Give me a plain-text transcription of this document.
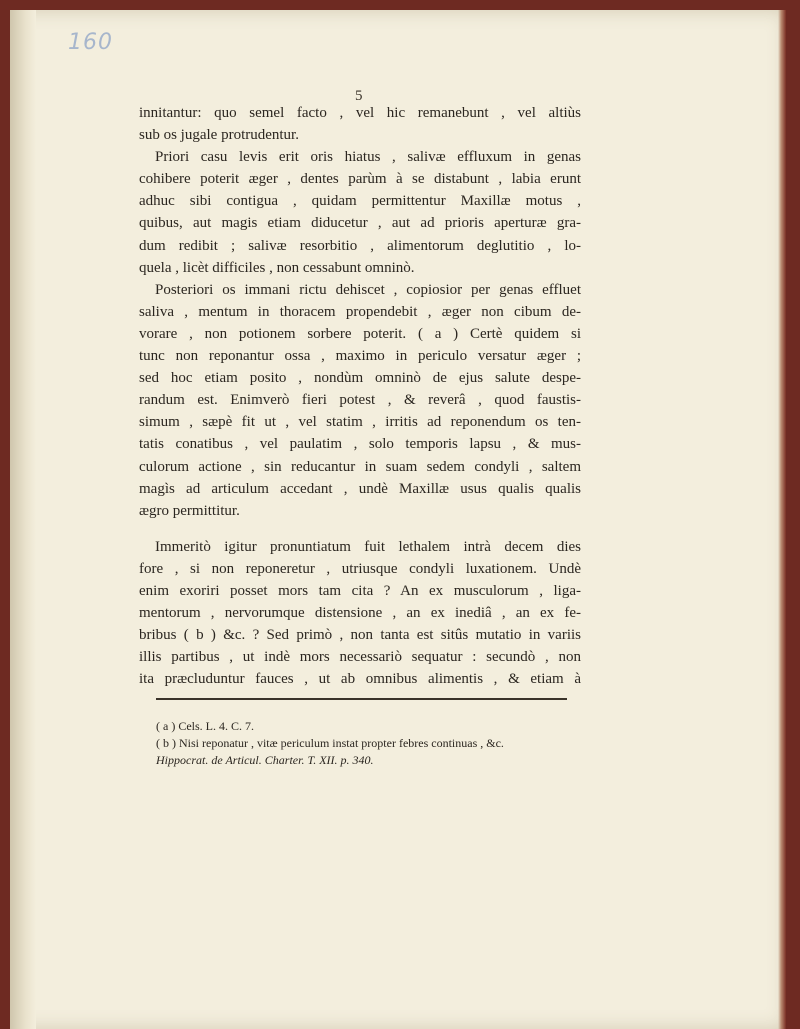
160
5
innitantur: quo semel facto , vel hic remanebunt , vel altiùs
sub os jugale protrudentur.
Priori casu levis erit oris hiatus , salivæ effluxum in genas
cohibere poterit æger , dentes parùm à se distabunt , labia erunt
adhuc sibi contigua , quidam permittentur Maxillæ motus ,
quibus, aut magis etiam diducetur , aut ad prioris aperturæ gra-
dum redibit ; salivæ resorbitio , alimentorum deglutitio , lo-
quela , licèt difficiles , non cessabunt omninò.
Posteriori os immani rictu dehiscet , copiosior per genas effluet
saliva , mentum in thoracem propendebit , æger non cibum de-
vorare , non potionem sorbere poterit. ( a ) Certè quidem si
tunc non reponantur ossa , maximo in periculo versatur æger ;
sed hoc etiam posito , nondùm omninò de ejus salute despe-
randum est. Enimverò fieri potest , & reverâ , quod faustis-
simum , sæpè fit ut , vel statim , irritis ad reponendum os ten-
tatis conatibus , vel paulatim , solo temporis lapsu , & mus-
culorum actione , sin reducantur in suam sedem condyli , saltem
magìs ad articulum accedant , undè Maxillæ usus qualis qualis
ægro permittitur.
Immeritò igitur pronuntiatum fuit lethalem intrà decem dies
fore , si non reponeretur , utriusque condyli luxationem. Undè
enim exoriri posset mors tam cita ? An ex musculorum , liga-
mentorum , nervorumque distensione , an ex inediâ , an ex fe-
bribus ( b ) &c. ? Sed primò , non tanta est sitûs mutatio in variis
illis partibus , ut indè mors necessariò sequatur : secundò , non
ita præcluduntur fauces , ut ab omnibus alimentis , & etiam à
( a ) Cels. L. 4. C. 7.
( b ) Nisi reponatur , vitæ periculum instat propter febres continuas , &c.
Hippocrat. de Articul. Charter. T. XII. p. 340.
